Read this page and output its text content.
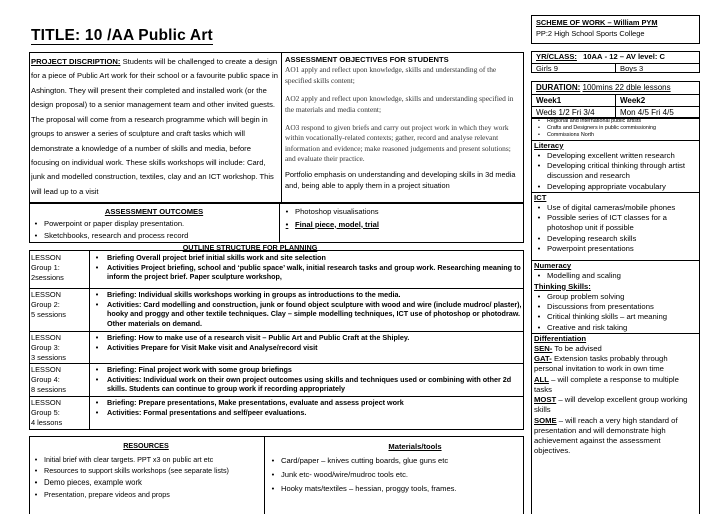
TITLE: 10 /AA Public Art
PROJECT DISCRIPTION: Students will be challenged to create a design for a piece of Public Art work for their school or a favourite public space in Ashington. They will present their completed and installed work (or the design proposal) to a senior management team and other invited guests. The proposal will come from a research programme which will begin in groups to answer a series of sculpture and craft tasks which will demonstrate a knowledge of a number of skills and media, before focusing on individual work. These skills workshops will include: Card, junk and modelled construction, textiles, clay and an ICT workshop. This will lead up to a visit
ASSESSMENT OBJECTIVES FOR STUDENTS
AO1 apply and reflect upon knowledge, skills and understanding of the specified skills content;
AO2 apply and reflect upon knowledge, skills and understanding specified in the materials and media content;
AO3 respond to given briefs and carry out project work in which they work within vocationally-related contexts; gather, record and analyse relevant information and evidence; make reasoned judgements and present solutions; and evaluate their practice.
Portfolio emphasis on understanding and developing skills in 3d media and, being able to apply them in a project situation
ASSESSMENT OUTCOMES
• Powerpoint or paper display presentation.
• Sketchbooks, research and process record
• Photoshop visualisations
• Final piece, model, trial
OUTLINE STRUCTURE FOR PLANNING
LESSON
Group 1:
2sessions
•	Briefing Overall project brief initial skills work and site selection
•	Activities Project briefing, school and ‘public space’ walk, initial research tasks and group work. Researching meaning to inform the project brief. Paper sculpture workshop,
LESSON
Group 2:
5 sessions
•	Briefing: Individual skills workshops working in groups as introductions to the media.
•	Activities: Card modelling and construction, junk or found object sculpture with wood and wire (include mudroc/ plaster), hooky and proggy and other textile techniques. Clay – simple modelling techniques, ICT use of photoshop or photodraw. Other materials on demand.
LESSON
Group 3:
3 sessions
•	Briefing: How to make use of a research visit – Public Art and Public Craft at the Shipley.
•	Activities Prepare for Visit Make visit and Analyse/record visit
LESSON
Group 4:
8 sessions
•	Briefing: Final project work with some group briefings
•	Activities: Individual work on their own project outcomes using skills and techniques used or combining with other 2d skills. Students can continue to group work if recording appropriately
LESSON
Group 5:
4 lessons
•	Briefing: Prepare presentations, Make presentations, evaluate and assess project work
•	Activities: Formal presentations and self/peer evaluations.
RESOURCES
• Initial brief with clear targets. PPT x3 on public art etc
• Resources to support skills workshops (see separate lists)
• Demo pieces, example work
• Presentation, prepare videos and props
Materials/tools
• Card/paper – knives cutting boards, glue guns etc
• Junk etc- wood/wire/mudroc tools etc.
• Hooky mats/textiles – hessian, proggy tools, frames.
SCHEME OF WORK – William PYM
PP:2 High School Sports College
YR/CLASS: 10AA - 12 – AV level: C
Girls 9	Boys 3
DURATION: 100mins 22 dble lessons
Week1	Week2
Weds 1/2 Fri 3/4	Mon 4/5 Fri 4/5
•	Regional and international public artists
•	Crafts and Designers in public commissioning
•	Commissions North
Literacy
• Developing excellent written research
• Developing critical thinking through artist discussion and research
• Developing appropriate vocabulary
ICT
• Use of digital cameras/mobile phones
• Possible series of ICT classes for a photoshop unit if possible
• Developing research skills
• Powerpoint presentations
Numeracy
• Modelling and scaling
Thinking Skills:
• Group problem solving
• Discussions from presentations
• Critical thinking skills – art meaning
• Creative and risk taking
Differentiation
SEN- To be advised
GAT- Extension tasks probably through personal invitation to work in own time
ALL – will complete a response to multiple tasks
MOST – will develop excellent group working skills
SOME – will reach a very high standard of presentation and will demonstrate high achievement against the assessment objectives.
